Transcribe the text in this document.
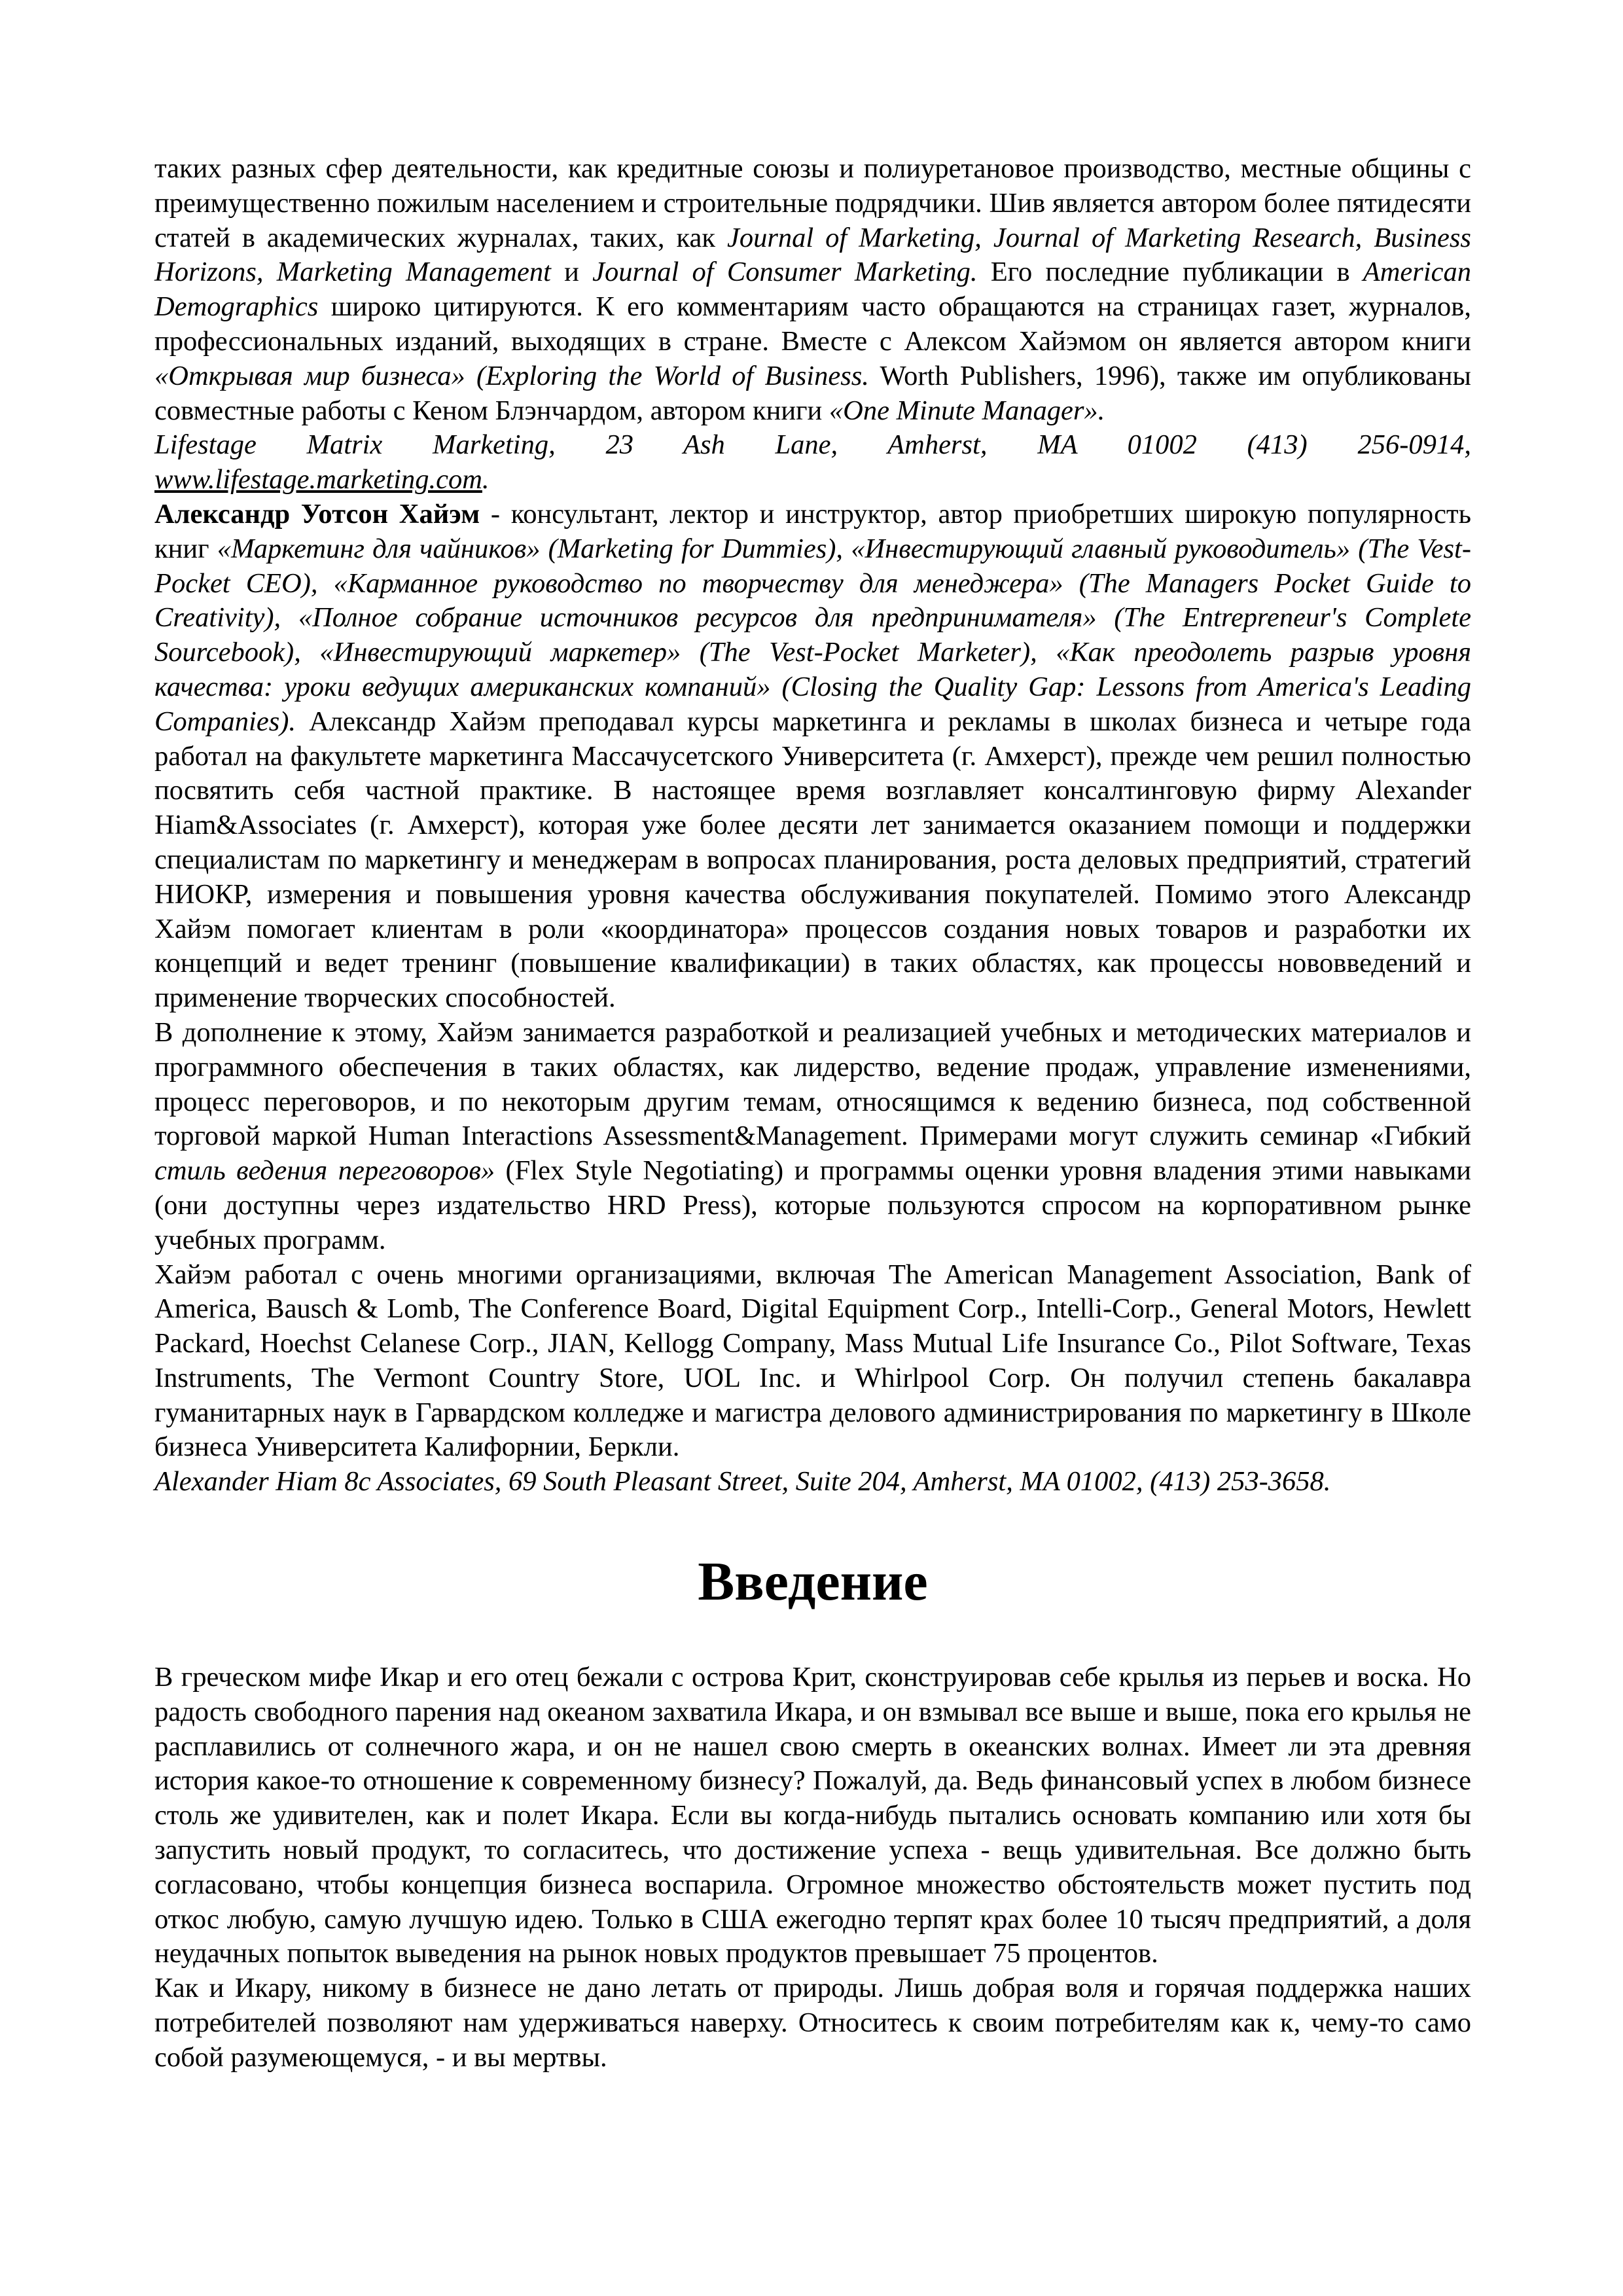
таких разных сфер деятельности, как кредитные союзы и полиуретановое производство, местные общины с преимущественно пожилым населением и строительные подрядчики. Шив является автором более пятидесяти статей в академических журналах, таких, как Journal of Marketing, Journal of Marketing Research, Business Horizons, Marketing Management и Journal of Consumer Marketing. Его последние публикации в American Demographics широко цитируются. К его комментариям часто обращаются на страницах газет, журналов, профессиональных изданий, выходящих в стране. Вместе с Алексом Хайэмом он является автором книги «Открывая мир бизнеса» (Exploring the World of Business. Worth Publishers, 1996), также им опубликованы совместные работы с Кеном Блэнчардом, автором книги «One Minute Manager».

Lifestage Matrix Marketing, 23 Ash Lane, Amherst, MA 01002 (413) 256-0914,

www.lifestage.marketing.com.

Александр Уотсон Хайэм - консультант, лектор и инструктор, автор приобретших широкую популярность книг «Маркетинг для чайников» (Marketing for Dummies), «Инвестирующий главный руководитель» (The Vest-Pocket CEO), «Карманное руководство по творчеству для менеджера» (The Managers Pocket Guide to Creativity), «Полное собрание источников ресурсов для предпринимателя» (The Entrepreneur's Complete Sourcebook), «Инвестирующий маркетер» (The Vest-Pocket Marketer), «Как преодолеть разрыв уровня качества: уроки ведущих американских компаний» (Closing the Quality Gap: Lessons from America's Leading Companies). Александр Хайэм преподавал курсы маркетинга и рекламы в школах бизнеса и четыре года работал на факультете маркетинга Массачусетского Университета (г. Амхерст), прежде чем решил полностью посвятить себя частной практике. В настоящее время возглавляет консалтинговую фирму Alexander Hiam&Associates (г. Амхерст), которая уже более десяти лет занимается оказанием помощи и поддержки специалистам по маркетингу и менеджерам в вопросах планирования, роста деловых предприятий, стратегий НИОКР, измерения и повышения уровня качества обслуживания покупателей. Помимо этого Александр Хайэм помогает клиентам в роли «координатора» процессов создания новых товаров и разработки их концепций и ведет тренинг (повышение квалификации) в таких областях, как процессы нововведений и применение творческих способностей.

В дополнение к этому, Хайэм занимается разработкой и реализацией учебных и методических материалов и программного обеспечения в таких областях, как лидерство, ведение продаж, управление изменениями, процесс переговоров, и по некоторым другим темам, относящимся к ведению бизнеса, под собственной торговой маркой Human Interactions Assessment&Management. Примерами могут служить семинар «Гибкий стиль ведения переговоров» (Flex Style Negotiating) и программы оценки уровня владения этими навыками (они доступны через издательство HRD Press), которые пользуются спросом на корпоративном рынке учебных программ.

Хайэм работал с очень многими организациями, включая The American Management Association, Bank of America, Bausch & Lomb, The Conference Board, Digital Equipment Corp., Intelli-Corp., General Motors, Hewlett Packard, Hoechst Celanese Corp., JIAN, Kellogg Company, Mass Mutual Life Insurance Co., Pilot Software, Texas Instruments, The Vermont Country Store, UOL Inc. и Whirlpool Corp. Он получил степень бакалавра гуманитарных наук в Гарвардском колледже и магистра делового администрирования по маркетингу в Школе бизнеса Университета Калифорнии, Беркли.

Alexander Hiam 8c Associates, 69 South Pleasant Street, Suite 204, Amherst, MA 01002, (413) 253-3658.

Введение

В греческом мифе Икар и его отец бежали с острова Крит, сконструировав себе крылья из перьев и воска. Но радость свободного парения над океаном захватила Икара, и он взмывал все выше и выше, пока его крылья не расплавились от солнечного жара, и он не нашел свою смерть в океанских волнах. Имеет ли эта древняя история какое-то отношение к современному бизнесу? Пожалуй, да. Ведь финансовый успех в любом бизнесе столь же удивителен, как и полет Икара. Если вы когда-нибудь пытались основать компанию или хотя бы запустить новый продукт, то согласитесь, что достижение успеха - вещь удивительная. Все должно быть согласовано, чтобы концепция бизнеса воспарила. Огромное множество обстоятельств может пустить под откос любую, самую лучшую идею. Только в США ежегодно терпят крах более 10 тысяч предприятий, а доля неудачных попыток выведения на рынок новых продуктов превышает 75 процентов.

Как и Икару, никому в бизнесе не дано летать от природы. Лишь добрая воля и горячая поддержка наших потребителей позволяют нам удерживаться наверху. Относитесь к своим потребителям как к, чему-то само собой разумеющемуся, - и вы мертвы.
